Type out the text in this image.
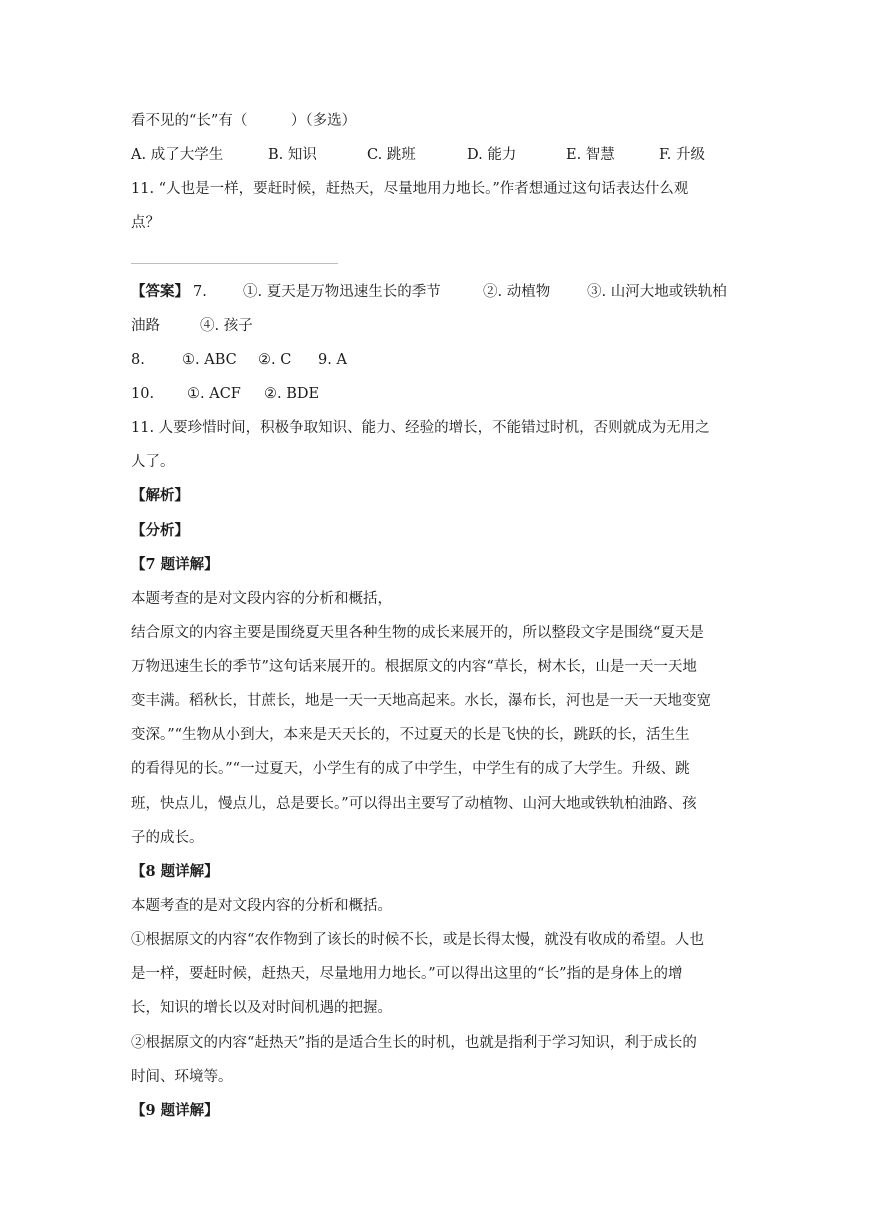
看不见的“长”有（　　　）（多选）
A. 成了大学生	B. 知识	C. 跳班	D. 能力	E. 智慧	F. 升级
11. “人也是一样，要赶时候，赶热天，尽量地用力地长。”作者想通过这句话表达什么观
点？
【答案】 7. ①. 夏天是万物迅速生长的季节	②. 动植物	③. 山河大地或铁轨柏
油路	④. 孩子
8.	①. ABC ②. C 9. A
10. ①. ACF ②. BDE
11. 人要珍惜时间，积极争取知识、能力、经验的增长，不能错过时机，否则就成为无用之
人了。
【解析】
【分析】
【7 题详解】
本题考查的是对文段内容的分析和概括，
结合原文的内容主要是围绕夏天里各种生物的成长来展开的，所以整段文字是围绕“夏天是
万物迅速生长的季节”这句话来展开的。根据原文的内容“草长，树木长，山是一天一天地
变丰满。稻秋长，甘蔗长，地是一天一天地高起来。水长，瀑布长，河也是一天一天地变宽
变深。”“生物从小到大，本来是天天长的，不过夏天的长是飞快的长，跳跃的长，活生生
的看得见的长。”“一过夏天，小学生有的成了中学生，中学生有的成了大学生。升级、跳
班，快点儿，慢点儿，总是要长。”可以得出主要写了动植物、山河大地或铁轨柏油路、孩
子的成长。
【8 题详解】
本题考查的是对文段内容的分析和概括。
①根据原文的内容“农作物到了该长的时候不长，或是长得太慢，就没有收成的希望。人也
是一样，要赶时候，赶热天，尽量地用力地长。”可以得出这里的“长”指的是身体上的增
长，知识的增长以及对时间机遇的把握。
②根据原文的内容“赶热天”指的是适合生长的时机，也就是指利于学习知识，利于成长的
时间、环境等。
【9 题详解】
